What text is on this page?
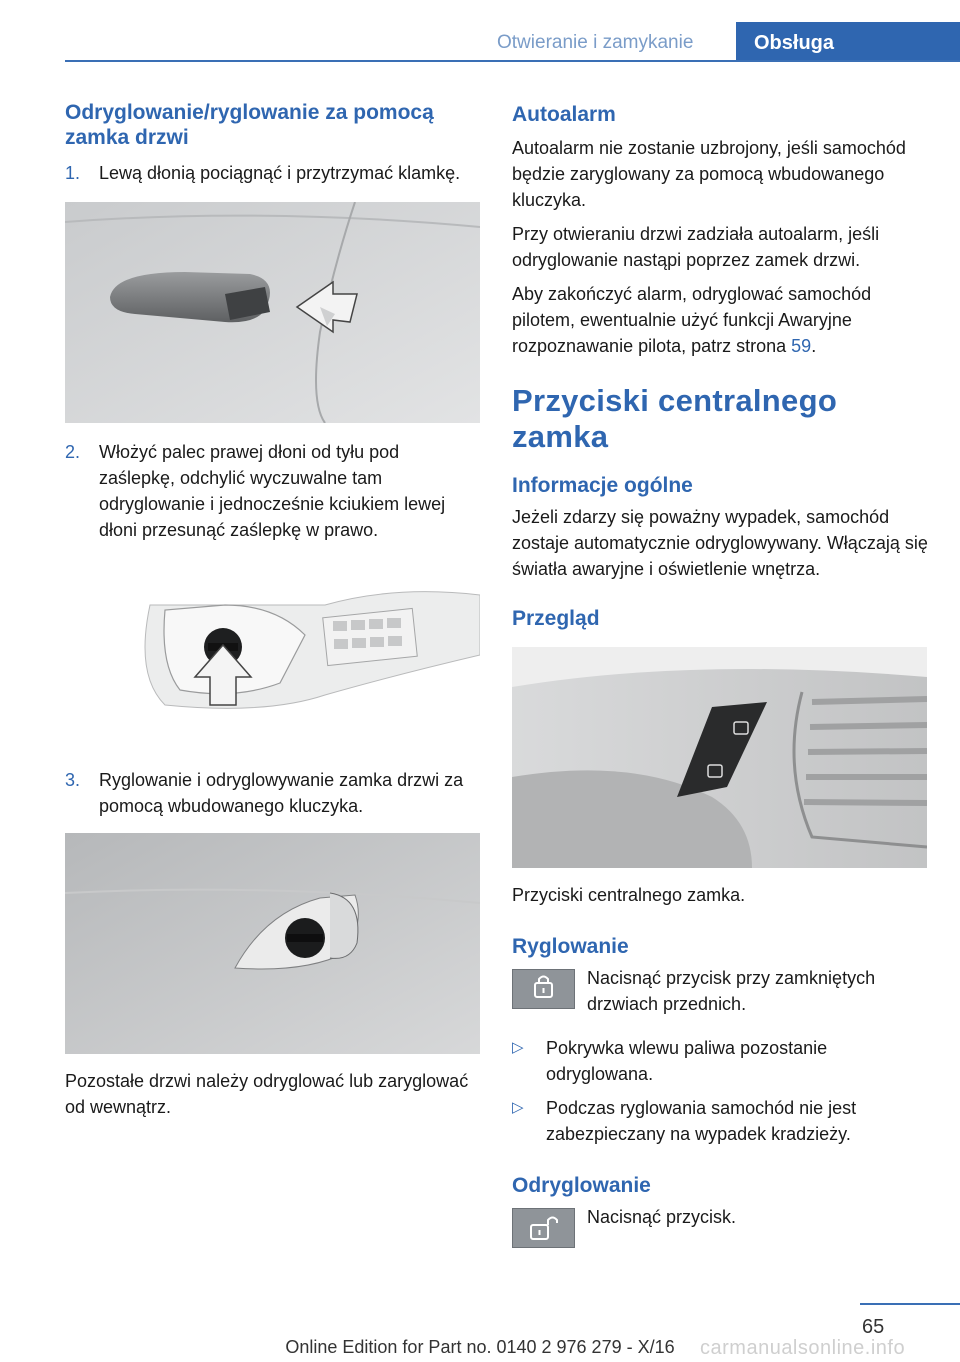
Otwieranie i zamykanie	Obsługa
Odryglowanie/ryglowanie za pomocą zamka drzwi
1. Lewą dłonią pociągnąć i przytrzymać klamkę.
2. Włożyć palec prawej dłoni od tyłu pod zaślepkę, odchylić wyczuwalne tam odryglowanie i jednocześnie kciukiem lewej dłoni przesunąć zaślepkę w prawo.
3. Ryglowanie i odryglowywanie zamka drzwi za pomocą wbudowanego kluczyka.

Pozostałe drzwi należy odryglować lub zaryglować od wewnątrz.

Autoalarm

Autoalarm nie zostanie uzbrojony, jeśli samochód będzie zaryglowany za pomocą wbudowanego kluczyka.

Przy otwieraniu drzwi zadziała autoalarm, jeśli odryglowanie nastąpi poprzez zamek drzwi.

Aby zakończyć alarm, odryglować samochód pilotem, ewentualnie użyć funkcji Awaryjne rozpoznawanie pilota, patrz strona 59.

Przyciski centralnego zamka
Informacje ogólne

Jeżeli zdarzy się poważny wypadek, samochód zostaje automatycznie odryglowywany. Włączają się światła awaryjne i oświetlenie wnętrza.

Przegląd

Przyciski centralnego zamka.

Ryglowanie

Nacisnąć przycisk przy zamkniętych drzwiach przednich.

▷ Pokrywka wlewu paliwa pozostanie odryglowana.
▷ Podczas ryglowania samochód nie jest zabezpieczany na wypadek kradzieży.
Odryglowanie

Nacisnąć przycisk.

65
carmanualsonline.info
Online Edition for Part no. 0140 2 976 279 - X/16
